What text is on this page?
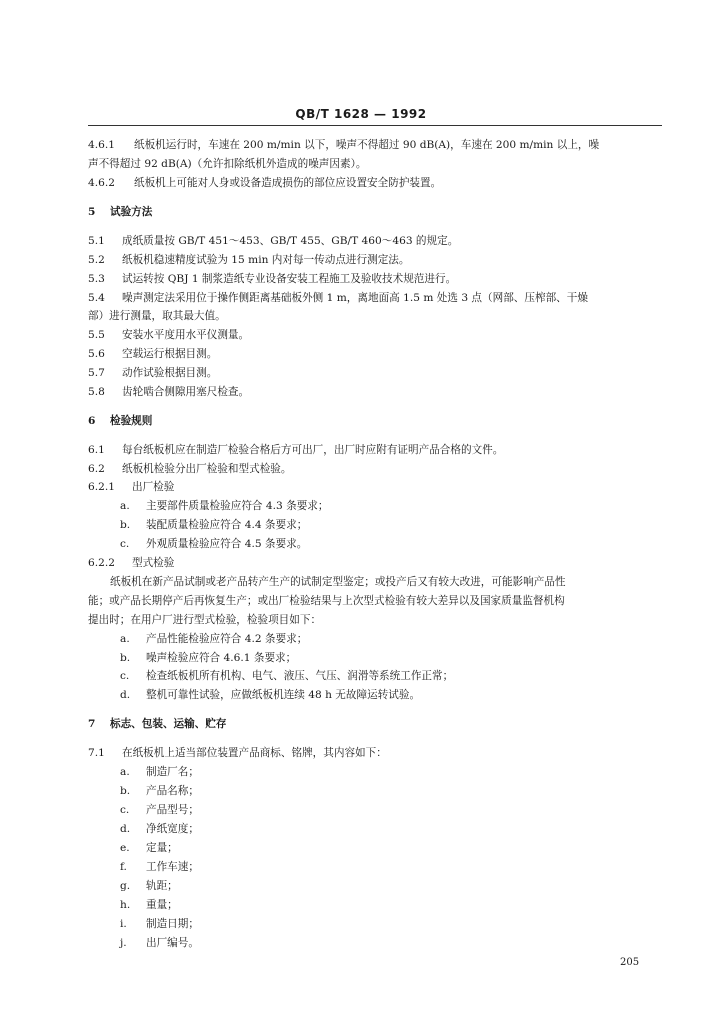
QB/T 1628 — 1992
4.6.1 纸板机运行时，车速在 200 m/min 以下，噪声不得超过 90 dB(A)，车速在 200 m/min 以上，噪
声不得超过 92 dB(A)（允许扣除纸机外造成的噪声因素）。
4.6.2 纸板机上可能对人身或设备造成损伤的部位应设置安全防护装置。
5 试验方法
5.1 成纸质量按 GB/T 451～453、GB/T 455、GB/T 460～463 的规定。
5.2 纸板机稳速精度试验为 15 min 内对每一传动点进行测定法。
5.3 试运转按 QBJ 1 制浆造纸专业设备安装工程施工及验收技术规范进行。
5.4 噪声测定法采用位于操作侧距离基础板外侧 1 m，离地面高 1.5 m 处选 3 点（网部、压榨部、干燥
部）进行测量，取其最大值。
5.5 安装水平度用水平仪测量。
5.6 空载运行根据目测。
5.7 动作试验根据目测。
5.8 齿轮啮合侧隙用塞尺检查。
6 检验规则
6.1 每台纸板机应在制造厂检验合格后方可出厂，出厂时应附有证明产品合格的文件。
6.2 纸板机检验分出厂检验和型式检验。
6.2.1 出厂检验
a. 主要部件质量检验应符合 4.3 条要求；
b. 装配质量检验应符合 4.4 条要求；
c. 外观质量检验应符合 4.5 条要求。
6.2.2 型式检验
纸板机在新产品试制或老产品转产生产的试制定型鉴定；或投产后又有较大改进，可能影响产品性
能；或产品长期停产后再恢复生产；或出厂检验结果与上次型式检验有较大差异以及国家质量监督机构
提出时；在用户厂进行型式检验，检验项目如下：
a. 产品性能检验应符合 4.2 条要求；
b. 噪声检验应符合 4.6.1 条要求；
c. 检查纸板机所有机构、电气、液压、气压、润滑等系统工作正常；
d. 整机可靠性试验，应做纸板机连续 48 h 无故障运转试验。
7 标志、包装、运输、贮存
7.1 在纸板机上适当部位装置产品商标、铭牌，其内容如下：
a. 制造厂名；
b. 产品名称；
c. 产品型号；
d. 净纸宽度；
e. 定量；
f. 工作车速；
g. 轨距；
h. 重量；
i. 制造日期；
j. 出厂编号。
205
